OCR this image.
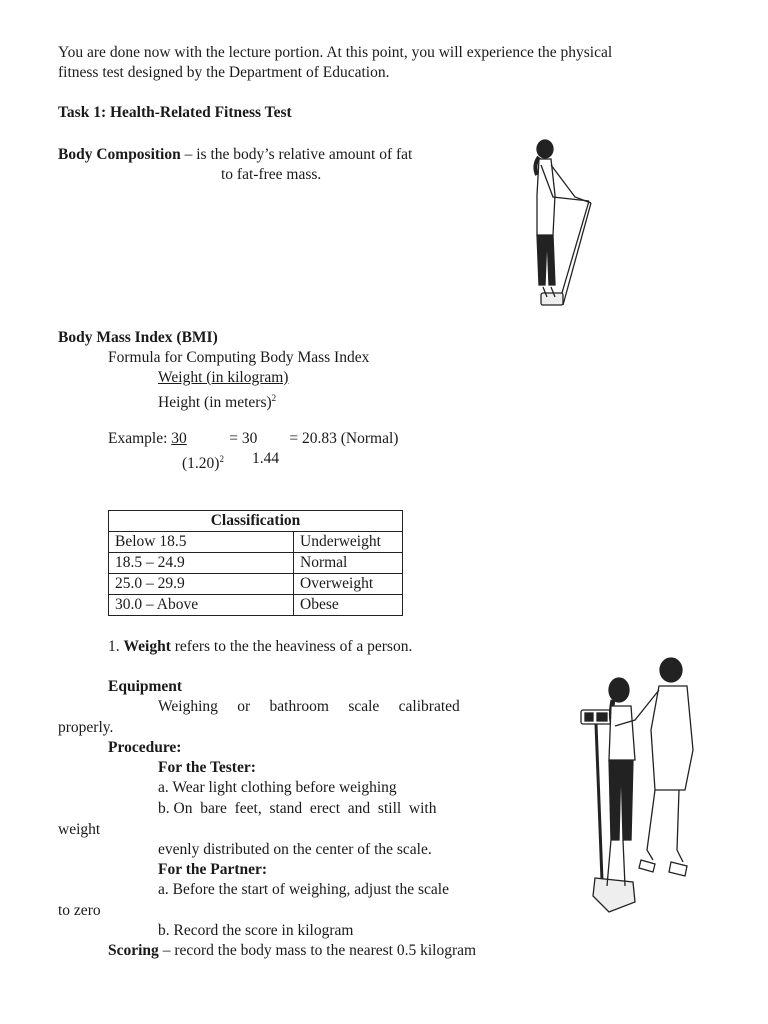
You are done now with the lecture portion. At this point, you will experience the physical
fitness test designed by the Department of Education.
Task 1: Health-Related Fitness Test
Body Composition – is the body’s relative amount of fat
to fat-free mass.
Body Mass Index (BMI)
Formula for Computing Body Mass Index
Weight (in kilogram)
Height (in meters)$^2$
Example: 30	= 30 = 20.83 (Normal)
$(1.20)^2$ 1.44
Classification	
Below 18.5	Underweight
18.5 – 24.9	Normal
25.0 – 29.9	Overweight
30.0 – Above	Obese
1. Weight refers to the the heaviness of a person.
Equipment
Weighing     or     bathroom     scale     calibrated
properly.
Procedure:
For the Tester:
a. Wear light clothing before weighing
b. On  bare  feet,  stand  erect  and  still  with
weight
evenly distributed on the center of the scale.
For the Partner:
a. Before the start of weighing, adjust the scale
to zero
b. Record the score in kilogram
Scoring – record the body mass to the nearest 0.5 kilogram
